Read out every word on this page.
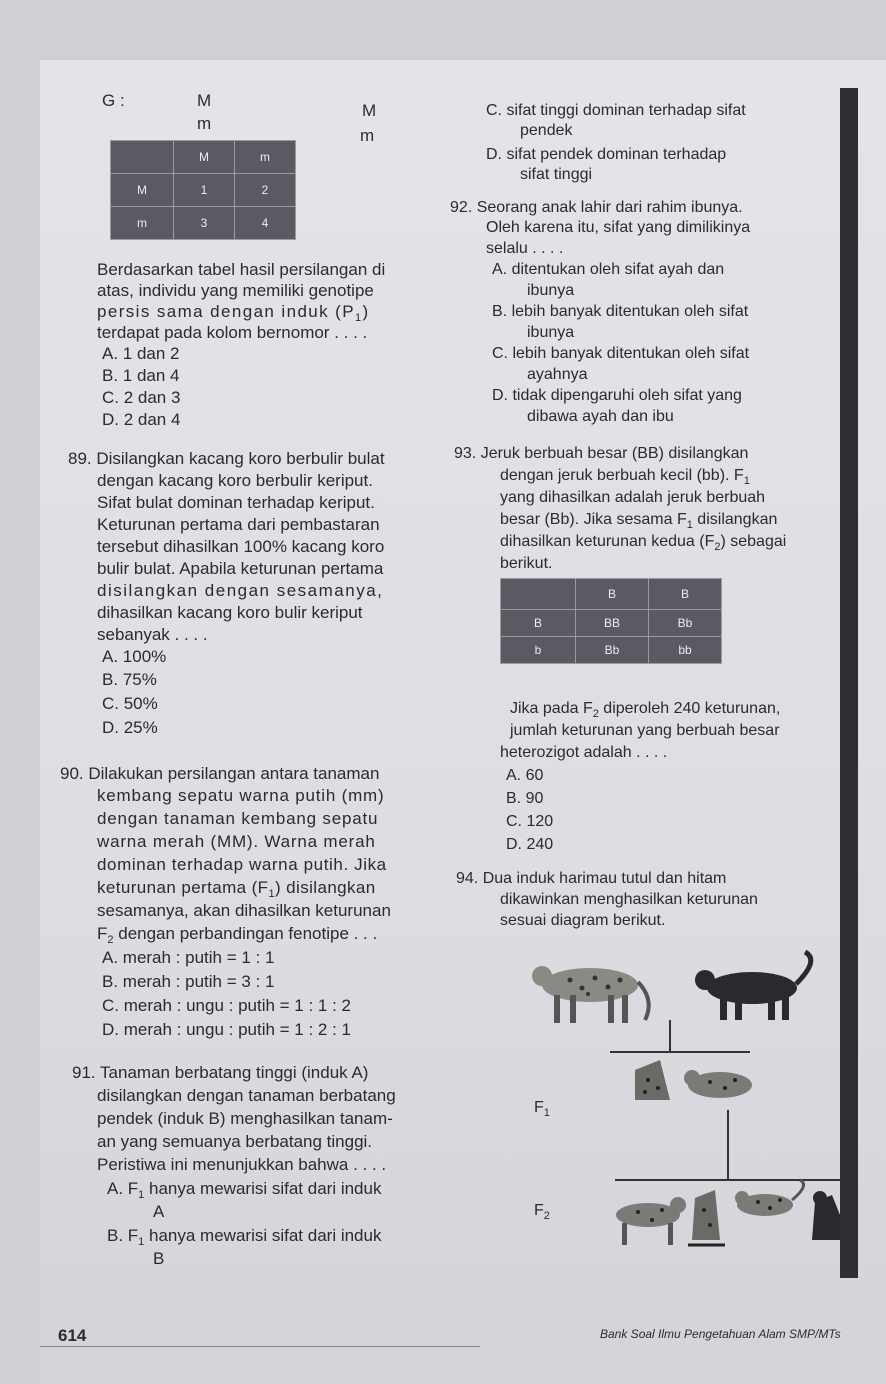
G :	M
m
M
m
	M	m
M	1	2
m	3	4
Berdasarkan tabel hasil persilangan di
atas, individu yang memiliki genotipe
persis sama dengan induk $(P_1)$
terdapat pada kolom bernomor . . . .
A. 1 dan 2
B. 1 dan 4
C. 2 dan 3
D. 2 dan 4
89. Disilangkan kacang koro berbulir bulat
dengan kacang koro berbulir keriput.
Sifat bulat dominan terhadap keriput.
Keturunan pertama dari pembastaran
tersebut dihasilkan 100% kacang koro
bulir bulat. Apabila keturunan pertama
disilangkan dengan sesamanya,
dihasilkan kacang koro bulir keriput
sebanyak . . . .
A. 100%
B. 75%
C. 50%
D. 25%
90. Dilakukan persilangan antara tanaman
kembang sepatu warna putih (mm)
dengan tanaman kembang sepatu
warna merah (MM). Warna merah
dominan terhadap warna putih. Jika
keturunan pertama $(F_1)$ disilangkan
sesamanya, akan dihasilkan keturunan
$F_2$ dengan perbandingan fenotipe . . .
A. merah : putih = 1 : 1
B. merah : putih = 3 : 1
C. merah : ungu : putih = 1 : 1 : 2
D. merah : ungu : putih = 1 : 2 : 1
91. Tanaman berbatang tinggi (induk A)
disilangkan dengan tanaman berbatang
pendek (induk B) menghasilkan tanam-
an yang semuanya berbatang tinggi.
Peristiwa ini menunjukkan bahwa . . . .
A. $F_1$ hanya mewarisi sifat dari induk
A
B. $F_1$ hanya mewarisi sifat dari induk
B
614
C. sifat tinggi dominan terhadap sifat
pendek
D. sifat pendek dominan terhadap
sifat tinggi
92. Seorang anak lahir dari rahim ibunya.
Oleh karena itu, sifat yang dimilikinya
selalu . . . .
A. ditentukan oleh sifat ayah dan
ibunya
B. lebih banyak ditentukan oleh sifat
ibunya
C. lebih banyak ditentukan oleh sifat
ayahnya
D. tidak dipengaruhi oleh sifat yang
dibawa ayah dan ibu
93. Jeruk berbuah besar (BB) disilangkan
dengan jeruk berbuah kecil (bb). $F_1$
yang dihasilkan adalah jeruk berbuah
besar (Bb). Jika sesama $F_1$ disilangkan
dihasilkan keturunan kedua $(F_2)$ sebagai
berikut.
	B	B
B	BB	Bb
b	Bb	bb
Jika pada $F_2$ diperoleh 240 keturunan,
jumlah keturunan yang berbuah besar
heterozigot adalah . . . .
A. 60
B. 90
C. 120
D. 240
94. Dua induk harimau tutul dan hitam
dikawinkan menghasilkan keturunan
sesuai diagram berikut.
$F_1$
$F_2$
Bank Soal Ilmu Pengetahuan Alam SMP/MTs
